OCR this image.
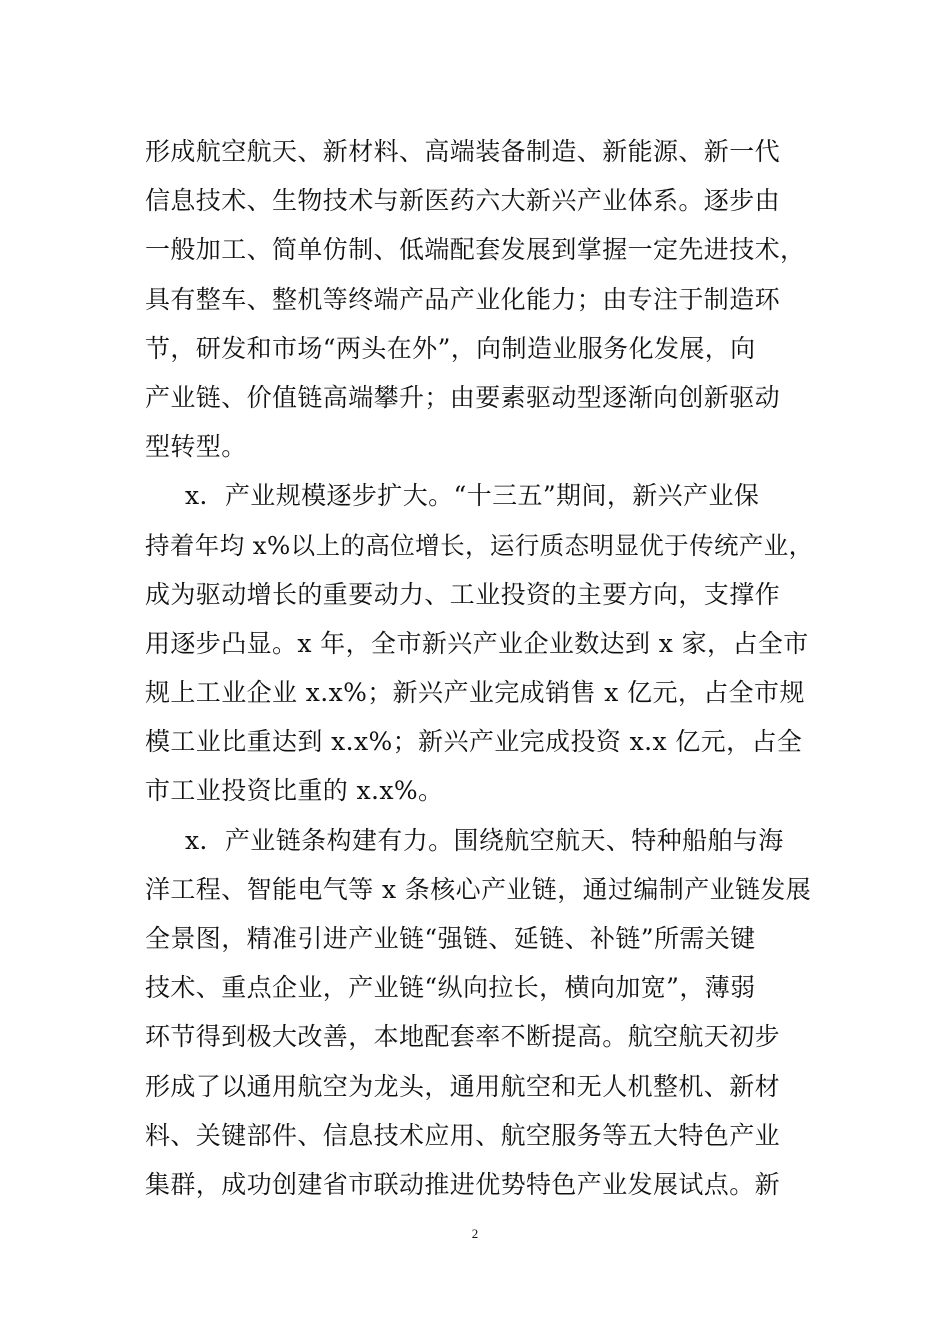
形成航空航天、新材料、高端装备制造、新能源、新一代
信息技术、生物技术与新医药六大新兴产业体系。逐步由
一般加工、简单仿制、低端配套发展到掌握一定先进技术，
具有整车、整机等终端产品产业化能力；由专注于制造环
节，研发和市场“两头在外”，向制造业服务化发展，向
产业链、价值链高端攀升；由要素驱动型逐渐向创新驱动
型转型。
x．产业规模逐步扩大。“十三五”期间，新兴产业保
持着年均 x%以上的高位增长，运行质态明显优于传统产业，
成为驱动增长的重要动力、工业投资的主要方向，支撑作
用逐步凸显。x 年，全市新兴产业企业数达到 x 家，占全市
规上工业企业 x.x%；新兴产业完成销售 x 亿元，占全市规
模工业比重达到 x.x%；新兴产业完成投资 x.x 亿元，占全
市工业投资比重的 x.x%。
x．产业链条构建有力。围绕航空航天、特种船舶与海
洋工程、智能电气等 x 条核心产业链，通过编制产业链发展
全景图，精准引进产业链“强链、延链、补链”所需关键
技术、重点企业，产业链“纵向拉长，横向加宽”，薄弱
环节得到极大改善，本地配套率不断提高。航空航天初步
形成了以通用航空为龙头，通用航空和无人机整机、新材
料、关键部件、信息技术应用、航空服务等五大特色产业
集群，成功创建省市联动推进优势特色产业发展试点。新
2
